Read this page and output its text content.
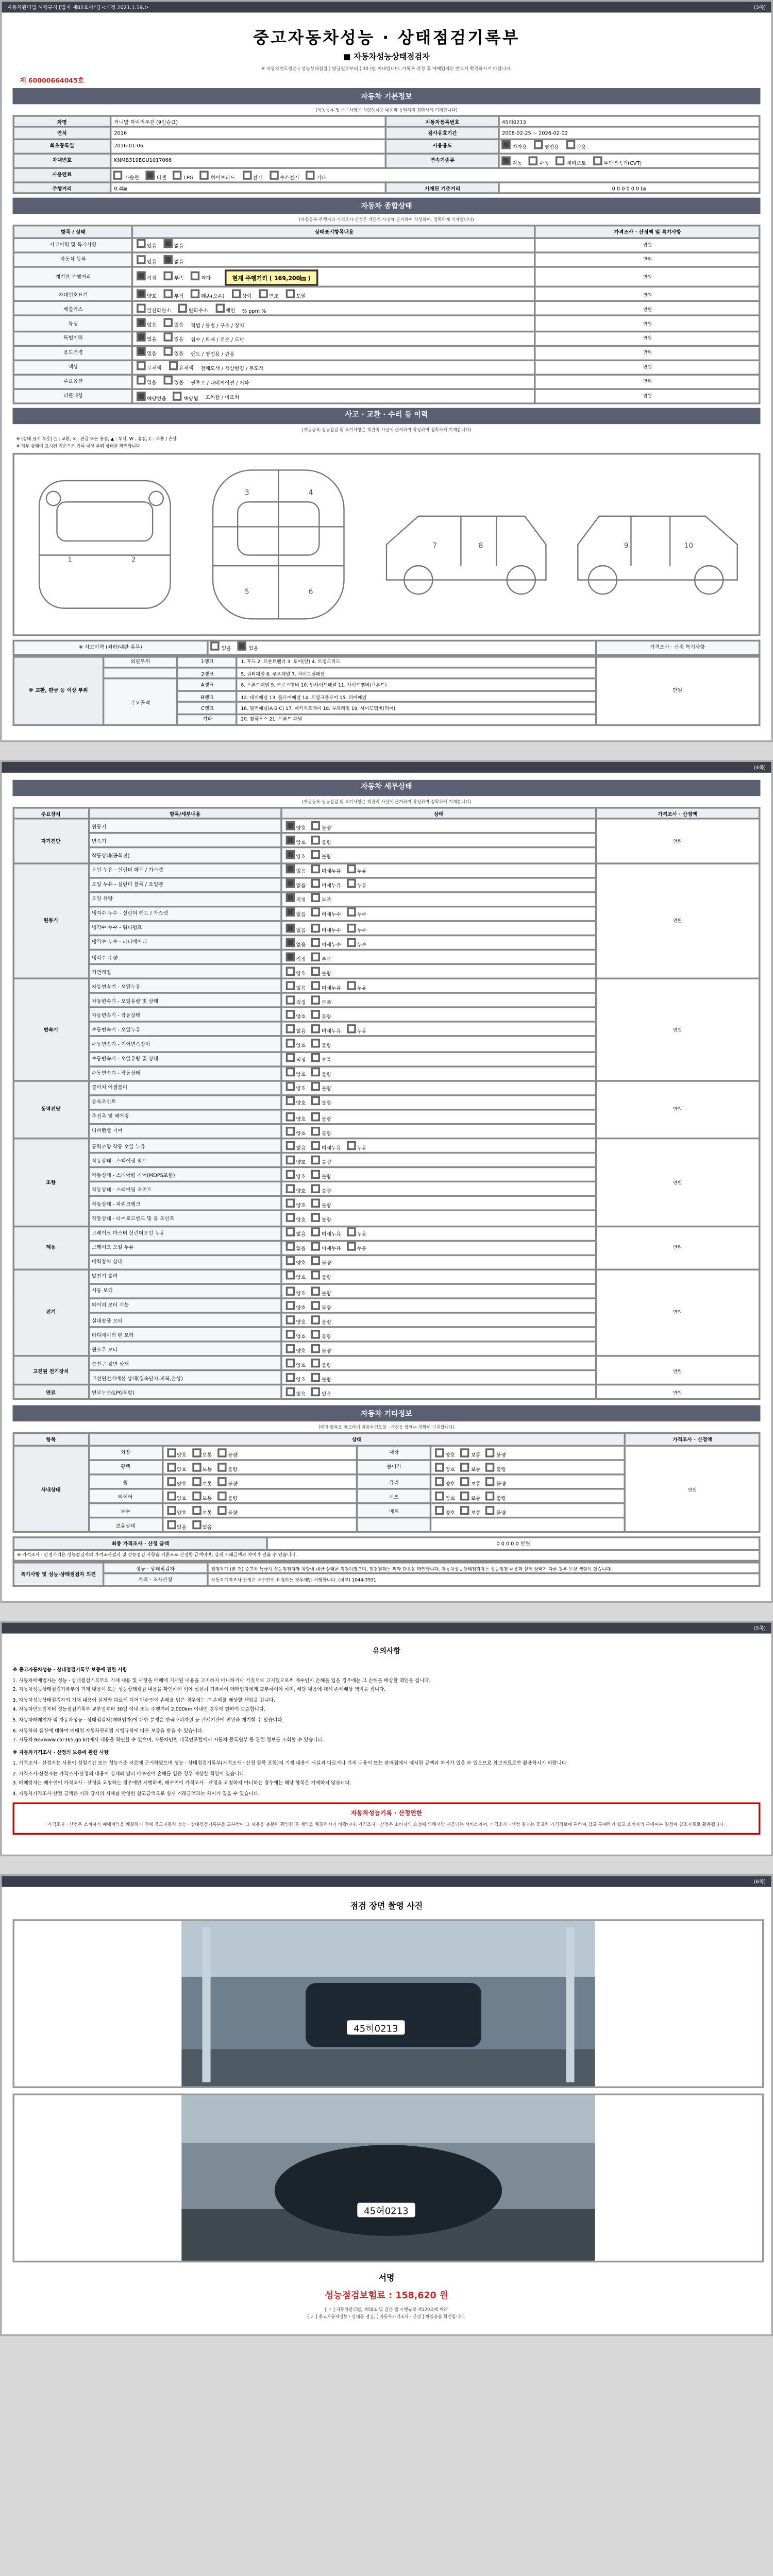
자동차관리법 시행규칙 [별지 제82호서식] <개정 2021.1.19.>	(3쪽)
중고자동차성능 · 상태점검기록부
■ 자동차성능상태점검자
※ 자동차인도일은 ( 성능상태점검 ) 발급일로부터 ( 30 )일 이내입니다. 기록부 작성 후 매매업자는 반드시 확인하시기 바랍니다.
제 60000664045호
자동차 기본정보
(자동등록 및 특수사항은 차량등록증 내용과 동일하며 정확하게 기재합니다)
차명	카니발 하이리무진 (9인승급)	자동차등록번호	45허0213
연식	2016	검사유효기간	2008-02-25 ~ 2026-02-02
최초등록일	2016-01-06	사용용도	자가용 영업용 관용
차대번호	KNMB319EGU1017066	변속기종류	자동 수동 세미오토 무단변속기(CVT)
사용연료	가솔린 디젤 LPG 하이브리드 전기 수소전기 기타		
주행거리	0.4㎞	기재된 기준거리	0 0 0 0 0 0 ㎞
자동차 종합상태
(자동등록·주행거리·가격조사·산정은 객관적 사실에 근거하여 작성하며, 정확하게 기재합니다)
항목 / 상태	상태표시항목내용	가격조사 · 산정액 및 특기사항
사고이력 및 특기사항	있음 없음	만원
자동차 등록	있음 없음	만원
계기판 주행거리	적정 부족 과다 현재 주행거리 ( 169,200㎞ )	만원
차대번호표기	양호 부식 훼손(오손) 상이 변조 도말	만원
배출가스	일산화탄소 탄화수소 매연 % ppm %	만원
튜닝	없음 있음 적법 / 불법 / 구조 / 장치	만원
특별이력	없음 있음 침수 / 화재 / 전손 / 도난	만원
용도변경	없음 있음 렌트 / 영업용 / 관용	만원
색상	무채색 유채색 전체도색 / 색상변경 / 무도색	만원
주요옵션	없음 있음 썬루프 / 내비게이션 / 기타	만원
리콜대상	해당없음 해당됨 조치함 / 미조치	만원
사고 · 교환 · 수리 등 이력
(자동등록·성능점검 및 특기사항은 객관적 사실에 근거하여 작성하며 정확하게 기재합니다)
※ (상태 표시 부호) ○ : 교환, × : 판금 또는 용접, ▲ : 부식, W : 흠집, C : 부품 / 손상
※ 하부 상태에 표시된 기준으로 기록 대상 부위 상태를 확인합니다
1	2
3	4
5	6
7	8	9	10
※ 사고이력 (외판/내판 유무)	있음	없음	가격조사 · 산정 특기사항
※ 교환, 판금 등 이상 부위	외판부위	1랭크	1. 후드 2. 프론트펜더 3. 도어(앞) 4. 트렁크리드	만원
		2랭크	5. 쿼터패널 6. 루프패널 7. 사이드실패널	
	주요골격	A랭크	8. 프론트패널 9. 크로스멤버 10. 인사이드패널 11. 사이드멤버(프론트)	
		B랭크	12. 대쉬패널 13. 플로어패널 14. 트렁크플로어 15. 리어패널	
		C랭크	16. 필러패널(A·B·C) 17. 패키지트레이 18. 루프레일 19. 사이드멤버(리어)	
		기타	20. 휠하우스 21. 프론트 패널	
(4쪽)
자동차 세부상태
(자동등록·성능점검 및 특기사항은 객관적 사실에 근거하여 작성하며 정확하게 기재합니다)
주요장치	항목/세부내용	상태	가격조사 · 산정액
자기진단	원동기	양호 불량	만원
	변속기	양호 불량	
	작동상태(공회전)	양호 불량	
원동기	오일 누유 - 실린더 헤드 / 가스켓	없음 미세누유 누유	만원
	오일 누유 - 실린더 블록 / 오일팬	없음 미세누유 누유	
	오일 유량	적정 부족	
	냉각수 누수 - 실린더 헤드 / 가스켓	없음 미세누수 누수	
	냉각수 누수 - 워터펌프	없음 미세누수 누수	
	냉각수 누수 - 라디에이터	없음 미세누수 누수	
	냉각수 수량	적정 부족	
	커먼레일	양호 불량	
변속기	자동변속기 - 오일누유	없음 미세누유 누유	만원
	자동변속기 - 오일유량 및 상태	적정 부족	
	자동변속기 - 작동상태	양호 불량	
	수동변속기 - 오일누유	없음 미세누유 누유	
	수동변속기 - 기어변속장치	양호 불량	
	수동변속기 - 오일유량 및 상태	적정 부족	
	수동변속기 - 작동상태	양호 불량	
동력전달	클러치 어셈블리	양호 불량	만원
	등속조인트	양호 불량	
	추진축 및 베어링	양호 불량	
	디퍼렌셜 기어	양호 불량	
조향	동력조향 작동 오일 누유	없음 미세누유 누유	만원
	작동상태 - 스티어링 펌프	양호 불량	
	작동상태 - 스티어링 기어(MDPS포함)	양호 불량	
	작동상태 - 스티어링 조인트	양호 불량	
	작동상태 - 파워크랭크	양호 불량	
	작동상태 - 타이로드엔드 및 볼 조인트	양호 불량	
제동	브레이크 마스터 실린더오일 누유	없음 미세누유 누유	만원
	브레이크 오일 누유	없음 미세누유 누유	
	배력장치 상태	양호 불량	
전기	발전기 출력	양호 불량	만원
	시동 모터	양호 불량	
	와이퍼 모터 기능	양호 불량	
	실내송풍 모터	양호 불량	
	라디에이터 팬 모터	양호 불량	
	윈도우 모터	양호 불량	
고전원 전기장치	충전구 절연 상태	양호 불량	만원
	고전원전기배선 상태(접속단자,피복,손상)	양호 불량	
연료	연료누설(LPG포함)	없음 있음	만원
자동차 기타정보
(해당 항목을 체크하되 자동차인도일 · 산정을 함께는 정확히 기재합니다)
항목	상태				가격조사 · 산정액
사내상태	외장	양호 보통 불량	내장	양호 보통 불량	만원
	광택	양호 보통 불량	룸미러	양호 보통 불량	
	휠	양호 보통 불량	유리	양호 보통 불량	
	타이어	양호 보통 불량	시트	양호 보통 불량	
	보수	양호 보통 불량	매트	양호 보통 불량	
	보유상태	있음 없음			
최종 가격조사 · 산정 금액	0 0 0 0 0 만원
※ 가격조사 · 산정가격은 성능점검자의 가격조사결과 및 성능점검 사항을 기준으로 산정한 금액이며, 실제 거래금액과 차이가 있을 수 있습니다.
특기사항 및 성능·상태점검자 의견	성능 · 상태점검자	점검자가 (본 건) 중고차 특급시 성능점검자와 차량에 대한 상태를 점검하였으며, 점검결과는 위와 같음을 확인합니다. 자동차성능상태점검자는 성능점검 내용과 실제 상태가 다른 경우 보상 책임이 있습니다.
	가격 · 조사산정	자동차가격조사·산정은 매수인이 요청하는 경우에만 시행합니다. (비고) 1044-3931
(5쪽)
유의사항
※ 중고자동차성능 · 상태점검기록부 보증에 관한 사항
1. 자동차매매업자는 성능 · 상태점검기록부의 기재 내용 및 사항을 매매에 기재된 내용을 고지하지 아니하거나 거짓으로 고지했으로써 매수인이 손해를 입은 경우에는 그 손해를 배상할 책임을 집니다.
2. 자동차성능상태점검기록부의 기재 내용이 또는 성능상태점검 내용을 확인하여 이에 성실히 기록하여 매매업자에게 교부하여야 하며, 해당 내용에 대해 손해배상 책임을 집니다.
3. 자동차성능상태점검자의 기재 내용이 실제와 다르게 되어 매수인이 손해를 입은 경우에는 그 손해를 배상할 책임을 집니다.
4. 자동차인도일부터 성능점검기록부 교부일부터 30일 이내 또는 주행거리 2,000km 이내인 경우에 한하여 보증합니다.
5. 자동차매매업자 및 자동차성능 · 상태점검자(매매업자)에 대한 분쟁은 한국소비자원 등 관계기관에 민원을 제기할 수 있습니다.
6. 자동차의 품질에 대하여 매매업 자동차관리법 시행규칙에 따른 보증을 받을 수 있습니다.
7. 자동차365(www.car365.go.kr)에서 내용을 확인할 수 있으며, 자동차민원 대국민포털에서 자동차 등록원부 등 관련 정보를 조회할 수 있습니다.
※ 자동차가격조사 · 산정의 보증에 관한 사항
1. 가격조사 · 산정자는 사용이 성립기간 또는 성능기준 자료에 근거하였으며 성능 · 상태점검기록부(가격조사 · 산정 항목 포함)의 기재 내용이 사실과 다르거나 기재 내용이 또는 판매점에서 제시한 금액과 차이가 있을 수 있으므로 참고자료로만 활용하시기 바랍니다.
2. 가격조사·산정자는 가격조사·산정의 내용이 실제와 달라 매수인이 손해를 입은 경우 배상할 책임이 있습니다.
3. 매매업자는 매수인이 가격조사 · 산정을 요청하는 경우에만 시행하며, 매수인이 가격조사 · 산정을 요청하지 아니하는 경우에는 해당 항목은 기재하지 않습니다.
4. 자동차가격조사·산정 금액은 거래 당시의 시세를 반영한 참고금액으로 실제 거래금액과는 차이가 있을 수 있습니다.
자동차성능기록 · 산정연한
「가격조사 · 산정은 소비자가 매매계약을 체결하기 전에 중고자동차 성능 · 상태점검기록부를 교부받아 그 내용을 충분히 확인한 후 계약을 체결하시기 바랍니다. 가격조사 · 산정은 소비자의 요청에 의해서만 제공되는 서비스이며, 가격조사 · 산정 결과는 중고차 가격정보에 관하여 참고 구매하기 쉽고 소비자의 구매여부 결정에 참조자료로 활용됩니다.」
(6쪽)
점검 장면 촬영 사진
45허0213
45허0213
서명
성능점검보험료 : 158,620 원
[ ✓ ] 자동차관리법, 제58조 및 같은 법 시행규칙 제120조에 따라
[ ✓ ] 중고자동차성능 · 상태를 점검, [ 자동차가격조사 · 산정 ] 하였음을 확인합니다.
